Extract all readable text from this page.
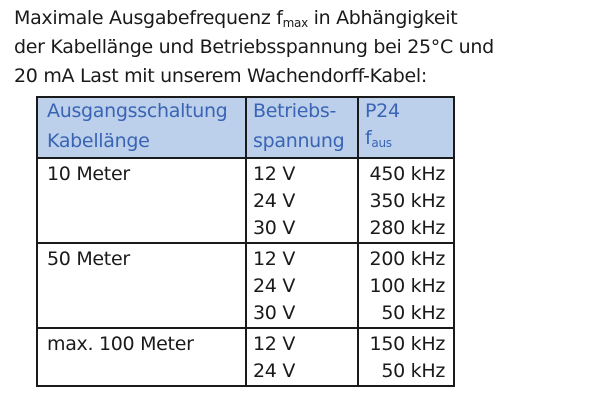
Maximale Ausgabefrequenz $f_{max}$ in Abhängigkeit
der Kabellänge und Betriebsspannung bei 25°C und
20 mA Last mit unserem Wachendorff-Kabel:
Ausgangsschaltung	Betriebs-	P24
Kabellänge	spannung	faus
10 Meter	12 V	450 kHz
	24 V	350 kHz
	30 V	280 kHz
50 Meter	12 V	200 kHz
	24 V	100 kHz
	30 V	50 kHz
max. 100 Meter	12 V	150 kHz
	24 V	50 kHz
